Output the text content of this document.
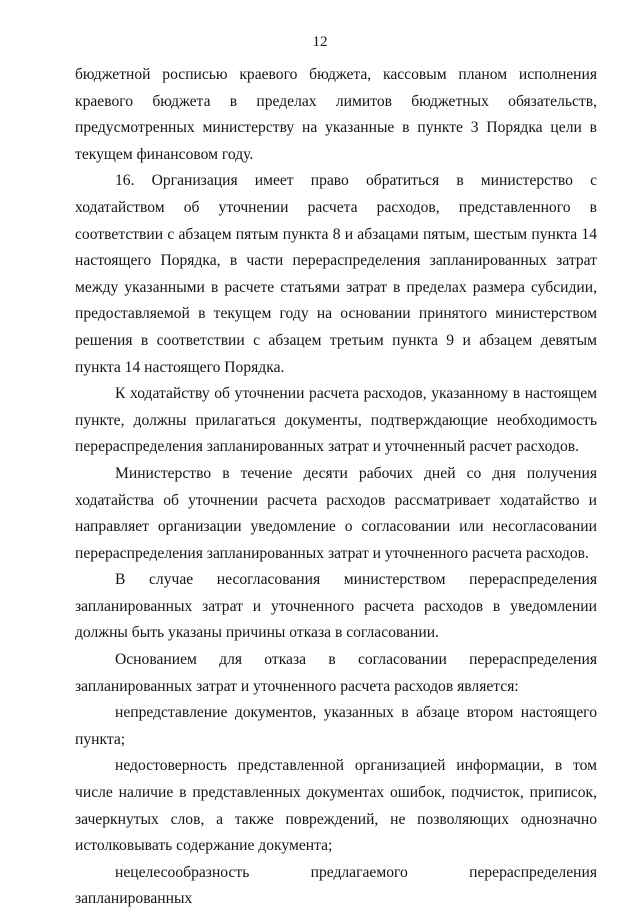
12

бюджетной росписью краевого бюджета, кассовым планом исполнения краевого бюджета в пределах лимитов бюджетных обязательств, предусмотренных министерству на указанные в пункте 3 Порядка цели в текущем финансовом году.

16. Организация имеет право обратиться в министерство с ходатайством об уточнении расчета расходов, представленного в соответствии с абзацем пятым пункта 8 и абзацами пятым, шестым пункта 14 настоящего Порядка, в части перераспределения запланированных затрат между указанными в расчете статьями затрат в пределах размера субсидии, предоставляемой в текущем году на основании принятого министерством решения в соответствии с абзацем третьим пункта 9 и абзацем девятым пункта 14 настоящего Порядка.

К ходатайству об уточнении расчета расходов, указанному в настоящем пункте, должны прилагаться документы, подтверждающие необходимость перераспределения запланированных затрат и уточненный расчет расходов.

Министерство в течение десяти рабочих дней со дня получения ходатайства об уточнении расчета расходов рассматривает ходатайство и направляет организации уведомление о согласовании или несогласовании перераспределения запланированных затрат и уточненного расчета расходов.

В случае несогласования министерством перераспределения запланированных затрат и уточненного расчета расходов в уведомлении должны быть указаны причины отказа в согласовании.

Основанием для отказа в согласовании перераспределения запланированных затрат и уточненного расчета расходов является:

непредставление документов, указанных в абзаце втором настоящего пункта;

недостоверность представленной организацией информации, в том числе наличие в представленных документах ошибок, подчисток, приписок, зачеркнутых слов, а также повреждений, не позволяющих однозначно истолковывать содержание документа;

нецелесообразность предлагаемого перераспределения запланированных
